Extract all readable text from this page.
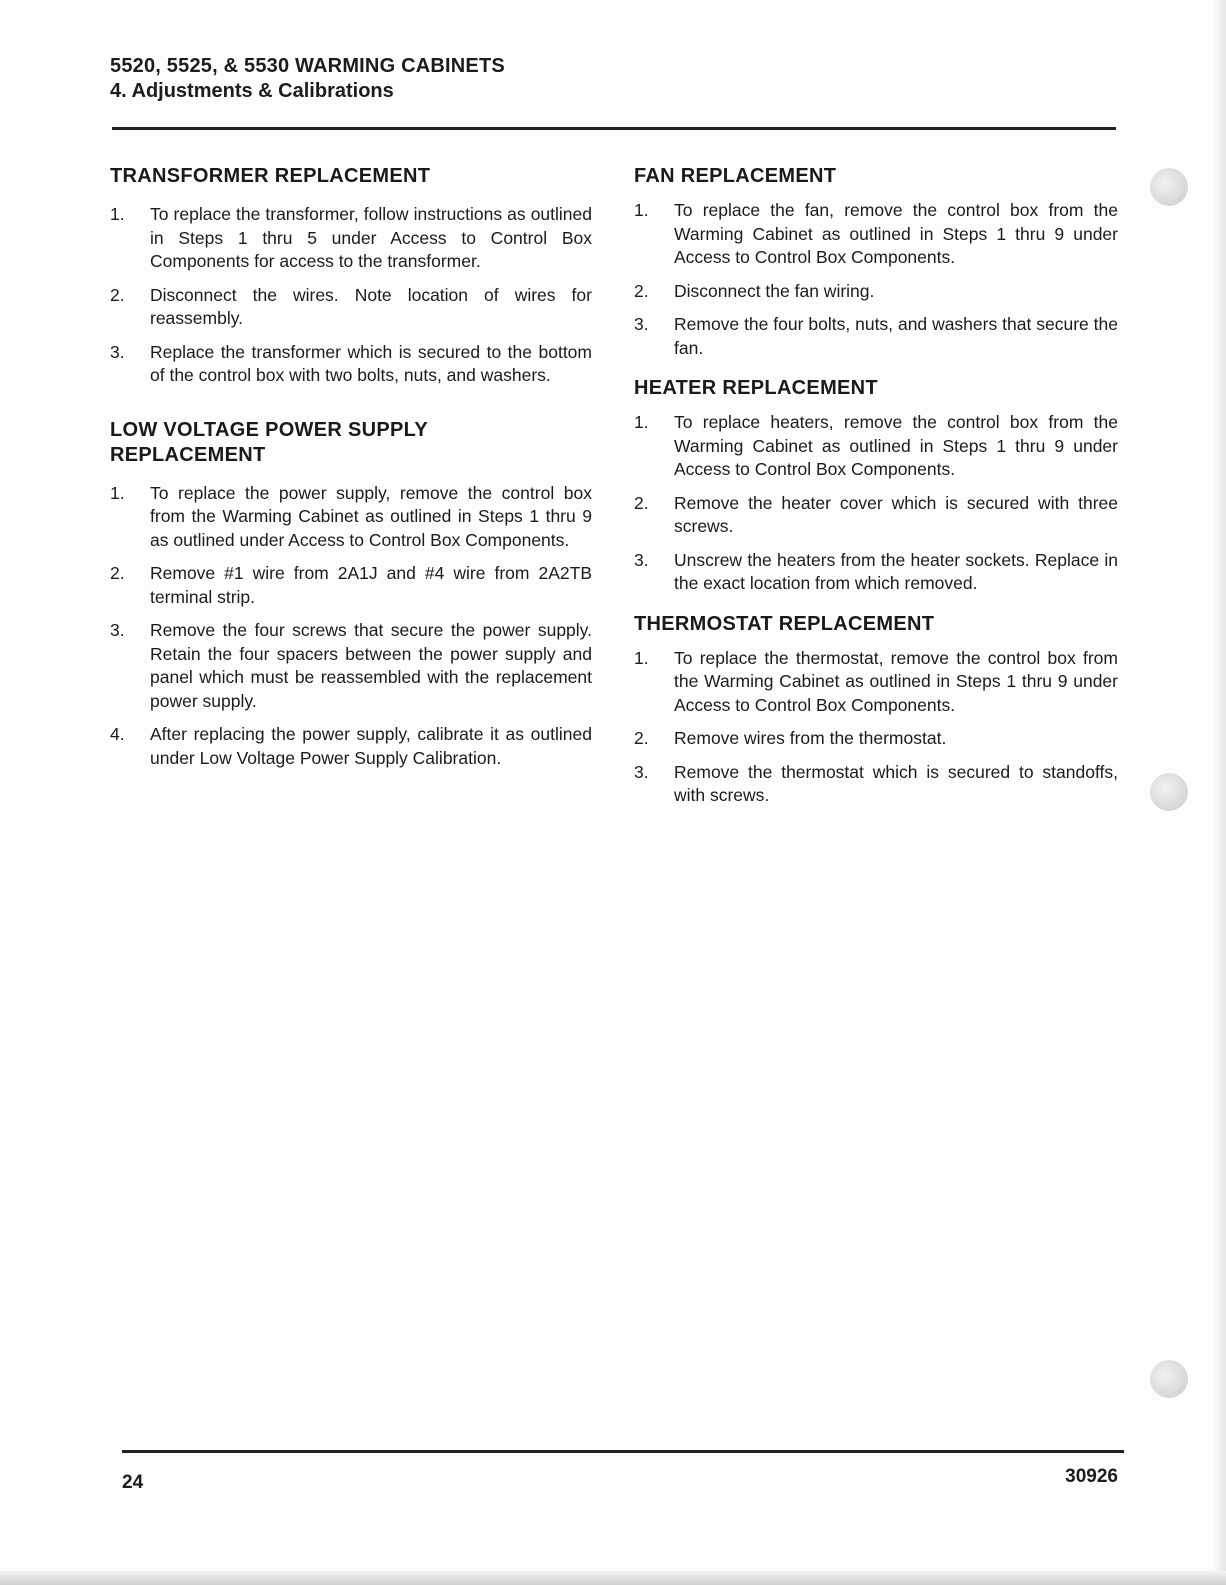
5520, 5525, & 5530 WARMING CABINETS
4. Adjustments & Calibrations
TRANSFORMER REPLACEMENT
1. To replace the transformer, follow instructions as outlined in Steps 1 thru 5 under Access to Control Box Components for access to the transformer.
2. Disconnect the wires. Note location of wires for reassembly.
3. Replace the transformer which is secured to the bottom of the control box with two bolts, nuts, and washers.
LOW VOLTAGE POWER SUPPLY REPLACEMENT
1. To replace the power supply, remove the control box from the Warming Cabinet as outlined in Steps 1 thru 9 as outlined under Access to Control Box Components.
2. Remove #1 wire from 2A1J and #4 wire from 2A2TB terminal strip.
3. Remove the four screws that secure the power supply. Retain the four spacers between the power supply and panel which must be reassembled with the replacement power supply.
4. After replacing the power supply, calibrate it as outlined under Low Voltage Power Supply Calibration.
FAN REPLACEMENT
1. To replace the fan, remove the control box from the Warming Cabinet as outlined in Steps 1 thru 9 under Access to Control Box Components.
2. Disconnect the fan wiring.
3. Remove the four bolts, nuts, and washers that secure the fan.
HEATER REPLACEMENT
1. To replace heaters, remove the control box from the Warming Cabinet as outlined in Steps 1 thru 9 under Access to Control Box Components.
2. Remove the heater cover which is secured with three screws.
3. Unscrew the heaters from the heater sockets. Replace in the exact location from which removed.
THERMOSTAT REPLACEMENT
1. To replace the thermostat, remove the control box from the Warming Cabinet as outlined in Steps 1 thru 9 under Access to Control Box Components.
2. Remove wires from the thermostat.
3. Remove the thermostat which is secured to standoffs, with screws.

24	30926
